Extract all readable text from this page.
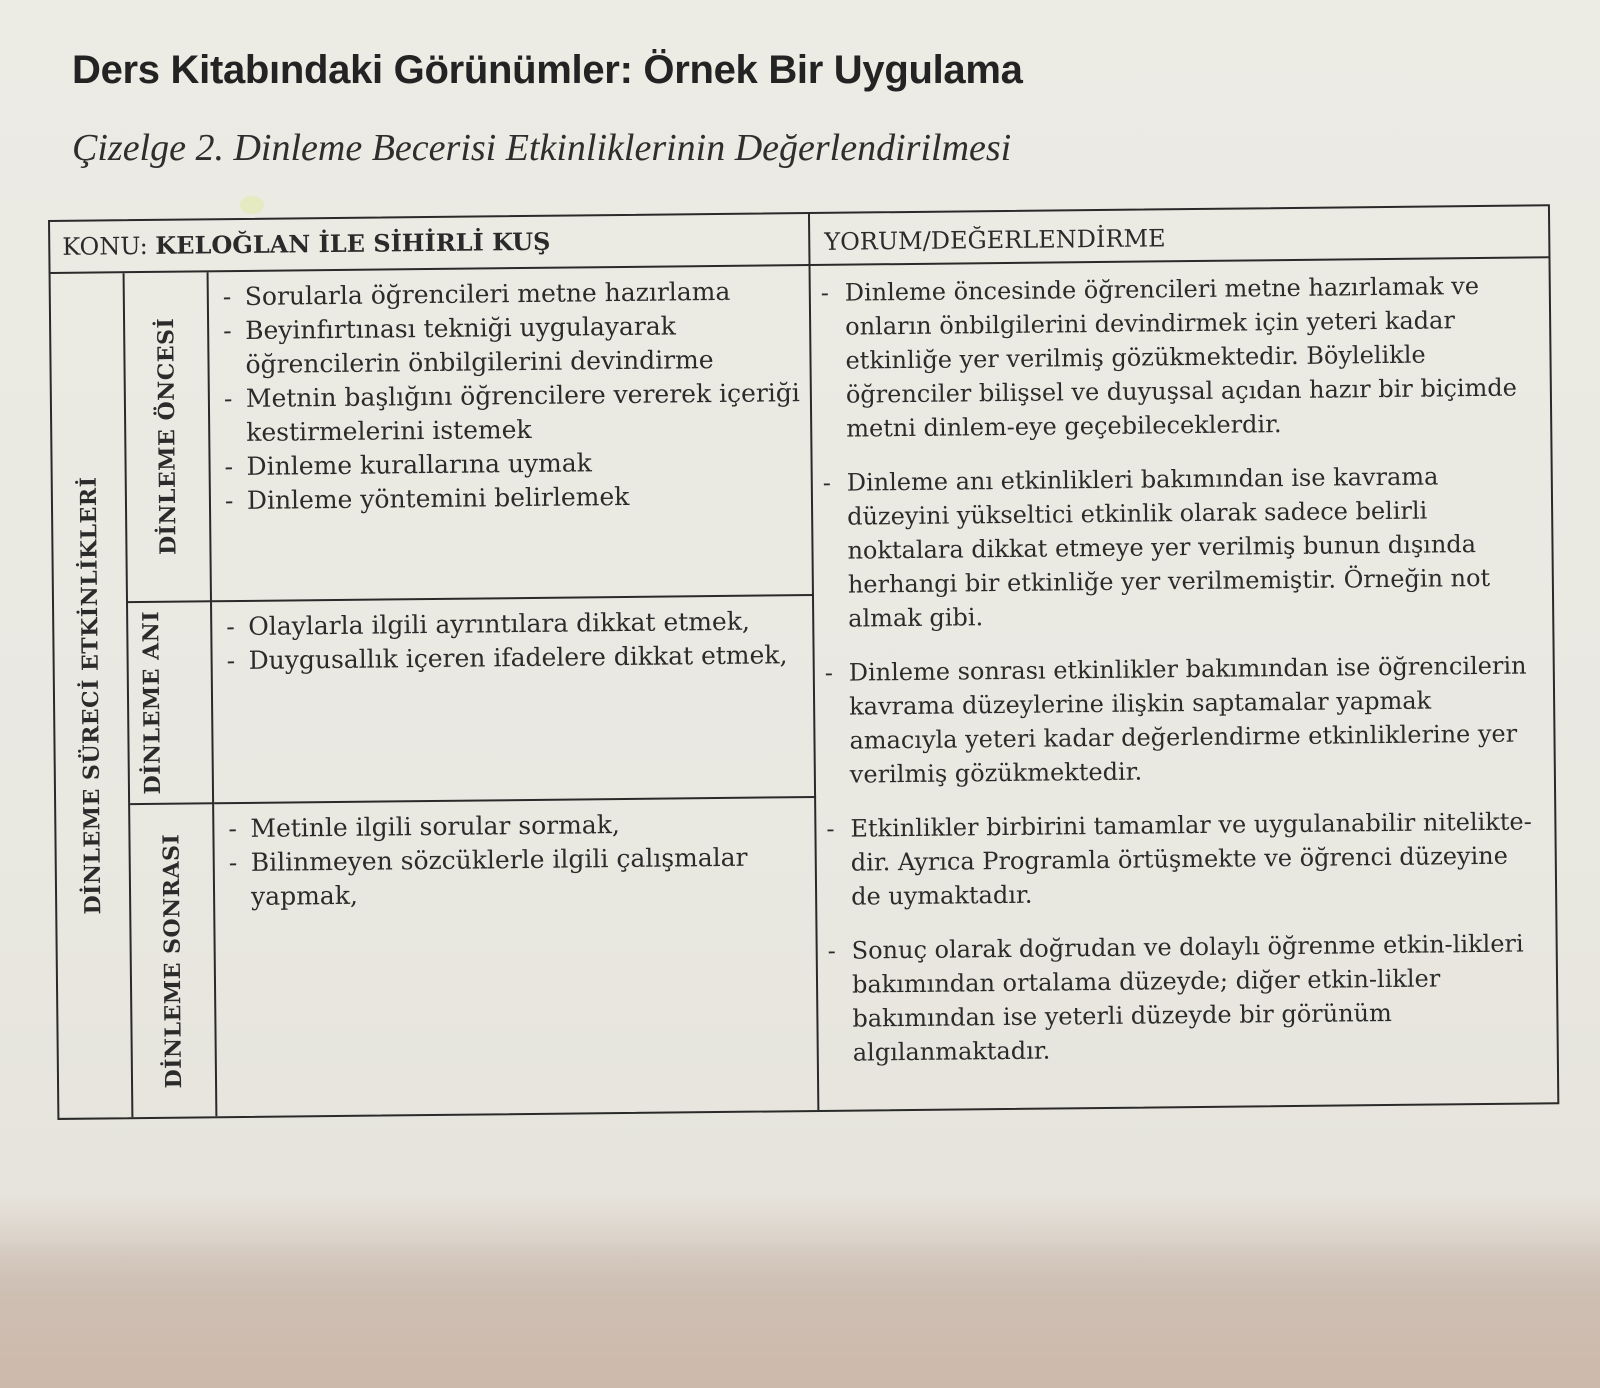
Ders Kitabındaki Görünümler: Örnek Bir Uygulama
Çizelge 2. Dinleme Becerisi Etkinliklerinin Değerlendirilmesi
KONU: KELOĞLAN İLE SİHİRLİ KUŞ	YORUM/DEĞERLENDİRME
DİNLEME SÜRECİ ETKİNLİKLERİ
DİNLEME ÖNCESİ
- Sorularla öğrencileri metne hazırlama
- Beyinfırtınası tekniği uygulayarak öğrencilerin önbilgilerini devindirme
- Metnin başlığını öğrencilere vererek içeriği kestirmelerini istemek
- Dinleme kurallarına uymak
- Dinleme yöntemini belirlemek
DİNLEME ANI
-	Olaylarla ilgili ayrıntılara dikkat etmek,
- Duygusallık içeren ifadelere dikkat etmek,
DİNLEME SONRASI
- Metinle ilgili sorular sormak,
- Bilinmeyen sözcüklerle ilgili çalışmalar yapmak,
- Dinleme öncesinde öğrencileri metne hazırlamak ve onların önbilgilerini devindirmek için yeteri kadar etkinliğe yer verilmiş gözükmektedir. Böylelikle öğrenciler bilişsel ve duyuşsal açıdan hazır bir biçimde metni dinlem-eye geçebileceklerdir.
- Dinleme anı etkinlikleri bakımından ise kavrama düzeyini yükseltici etkinlik olarak sadece belirli noktalara dikkat etmeye yer verilmiş bunun dışında herhangi bir etkinliğe yer verilmemiştir. Örneğin not almak gibi.
- Dinleme sonrası etkinlikler bakımından ise öğrencilerin kavrama düzeylerine ilişkin saptamalar yapmak amacıyla yeteri kadar değerlendirme etkinliklerine yer verilmiş gözükmektedir.
- Etkinlikler birbirini tamamlar ve uygulanabilir nitelikte-dir. Ayrıca Programla örtüşmekte ve öğrenci düzeyine de uymaktadır.
- Sonuç olarak doğrudan ve dolaylı öğrenme etkin-likleri bakımından ortalama düzeyde; diğer etkin-likler bakımından ise yeterli düzeyde bir görünüm algılanmaktadır.
